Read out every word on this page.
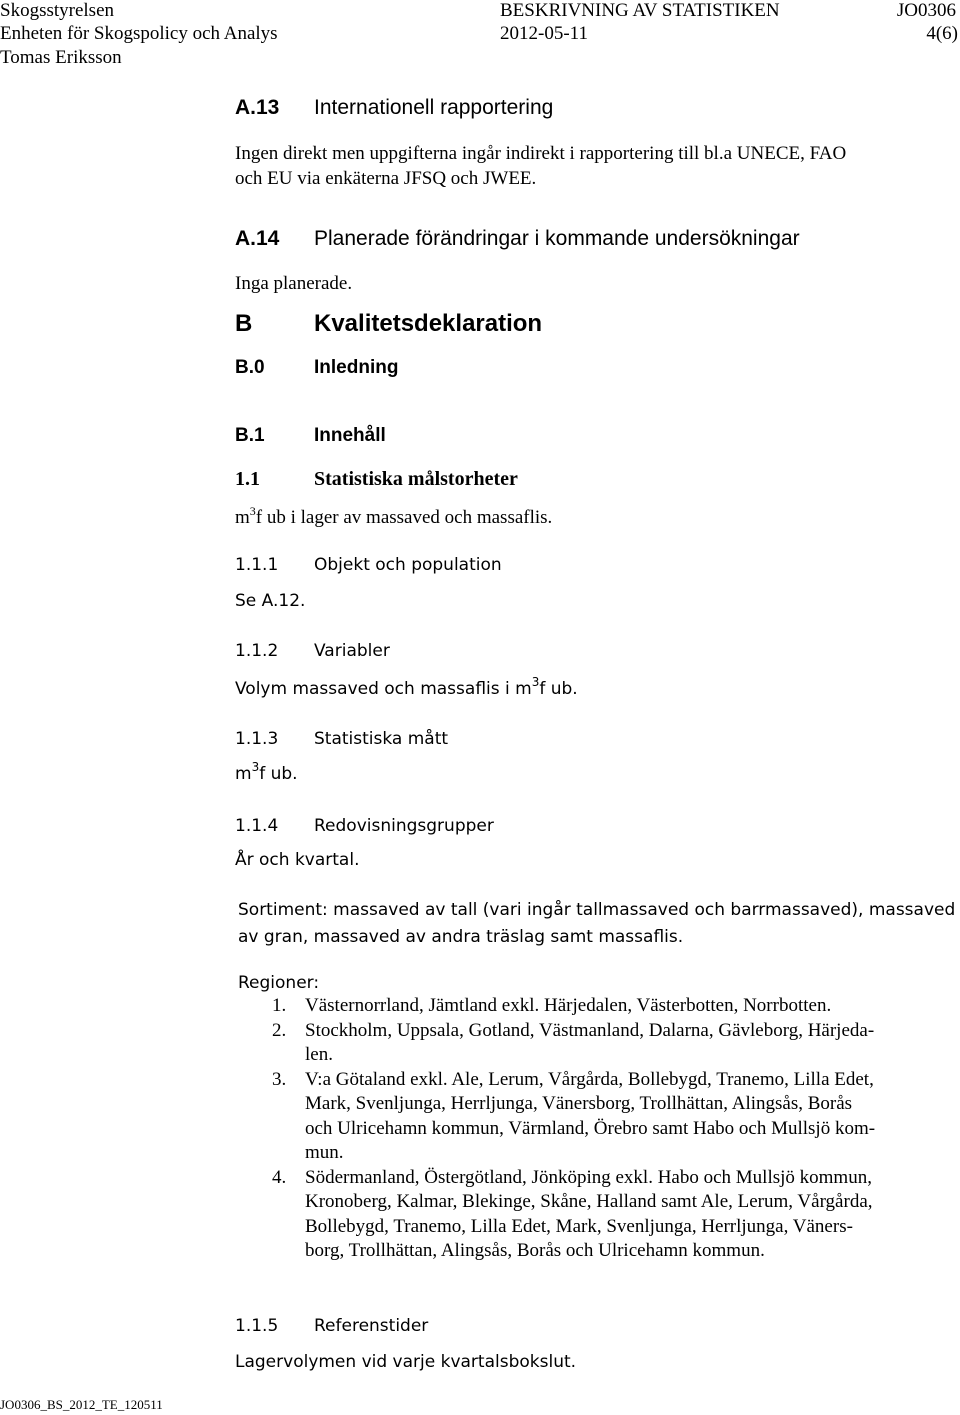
Skogsstyrelsen
Enheten för Skogspolicy och Analys
Tomas Eriksson
BESKRIVNING AV STATISTIKEN
2012-05-11
JO0306
4(6)
A.13 Internationell rapportering
Ingen direkt men uppgifterna ingår indirekt i rapportering till bl.a UNECE, FAO
och EU via enkäterna JFSQ och JWEE.
A.14 Planerade förändringar i kommande undersökningar
Inga planerade.
B	Kvalitetsdeklaration
B.0	Inledning
B.1	Innehåll
1.1	Statistiska målstorheter
$m^3f$ ub i lager av massaved och massaflis.
1.1.1 Objekt och population
Se A.12.
1.1.2 Variabler
Volym massaved och massaflis i $m^3f$ ub.
1.1.3 Statistiska mått
$m^3f$ ub.
1.1.4 Redovisningsgrupper
År och kvartal.
Sortiment: massaved av tall (vari ingår tallmassaved och barrmassaved), massaved
av gran, massaved av andra träslag samt massaflis.
Regioner:
1. Västernorrland, Jämtland exkl. Härjedalen, Västerbotten, Norrbotten.
2. Stockholm, Uppsala, Gotland, Västmanland, Dalarna, Gävleborg, Härjeda-
len.
3. V:a Götaland exkl. Ale, Lerum, Vårgårda, Bollebygd, Tranemo, Lilla Edet,
Mark, Svenljunga, Herrljunga, Vänersborg, Trollhättan, Alingsås, Borås
och Ulricehamn kommun, Värmland, Örebro samt Habo och Mullsjö kom-
mun.
4. Södermanland, Östergötland, Jönköping exkl. Habo och Mullsjö kommun,
Kronoberg, Kalmar, Blekinge, Skåne, Halland samt Ale, Lerum, Vårgårda,
Bollebygd, Tranemo, Lilla Edet, Mark, Svenljunga, Herrljunga, Väners-
borg, Trollhättan, Alingsås, Borås och Ulricehamn kommun.
1.1.5 Referenstider
Lagervolymen vid varje kvartalsbokslut.
JO0306_BS_2012_TE_120511
